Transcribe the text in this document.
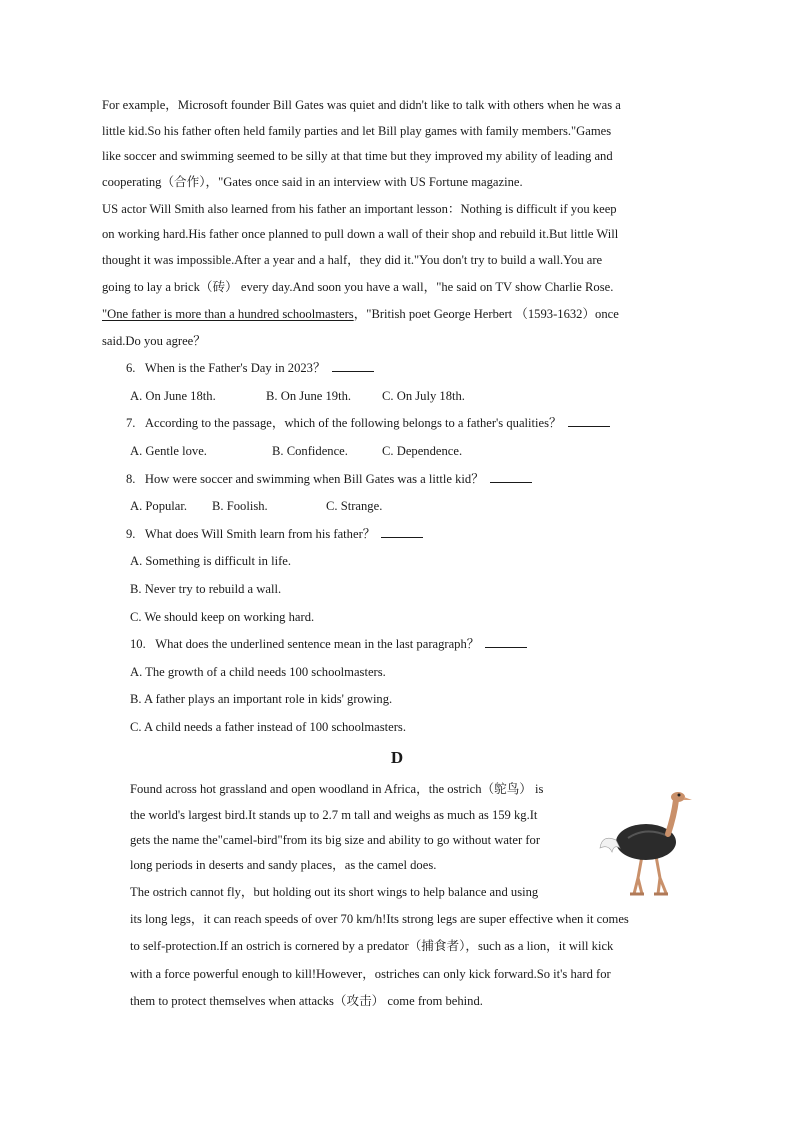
For example，Microsoft founder Bill Gates was quiet and didn't like to talk with others when he was a
little kid.So his father often held family parties and let Bill play games with family members."Games
like soccer and swimming seemed to be silly at that time but they improved my ability of leading and
cooperating（合作），"Gates once said in an interview with US Fortune magazine.
US actor Will Smith also learned from his father an important lesson：Nothing is difficult if you keep
on working hard.His father once planned to pull down a wall of their shop and rebuild it.But little Will
thought it was impossible.After a year and a half，they did it."You don't try to build a wall.You are
going to lay a brick（砖） every day.And soon you have a wall，"he said on TV show Charlie Rose.
"One father is more than a hundred schoolmasters，"British poet George Herbert （1593-1632）once
said.Do you agree？
6. When is the Father's Day in 2023？
A. On June 18th.	B. On June 19th. C. On July 18th.
7. According to the passage，which of the following belongs to a father's qualities？
A. Gentle love.	B. Confidence.	C. Dependence.
8. How were soccer and swimming when Bill Gates was a little kid？
A. Popular. B. Foolish.	C. Strange.
9. What does Will Smith learn from his father？
A. Something is difficult in life.
B. Never try to rebuild a wall.
C. We should keep on working hard.
10. What does the underlined sentence mean in the last paragraph？
A. The growth of a child needs 100 schoolmasters.
B. A father plays an important role in kids' growing.
C. A child needs a father instead of 100 schoolmasters.
D
Found across hot grassland and open woodland in Africa，the ostrich（鸵鸟） is
the world's largest bird.It stands up to 2.7 m tall and weighs as much as 159 kg.It
gets the name the"camel-bird"from its big size and ability to go without water for
long periods in deserts and sandy places，as the camel does.
The ostrich cannot fly，but holding out its short wings to help balance and using
its long legs，it can reach speeds of over 70 km/h!Its strong legs are super effective when it comes
to self-protection.If an ostrich is cornered by a predator（捕食者），such as a lion，it will kick
with a force powerful enough to kill!However，ostriches can only kick forward.So it's hard for
them to protect themselves when attacks（攻击） come from behind.
